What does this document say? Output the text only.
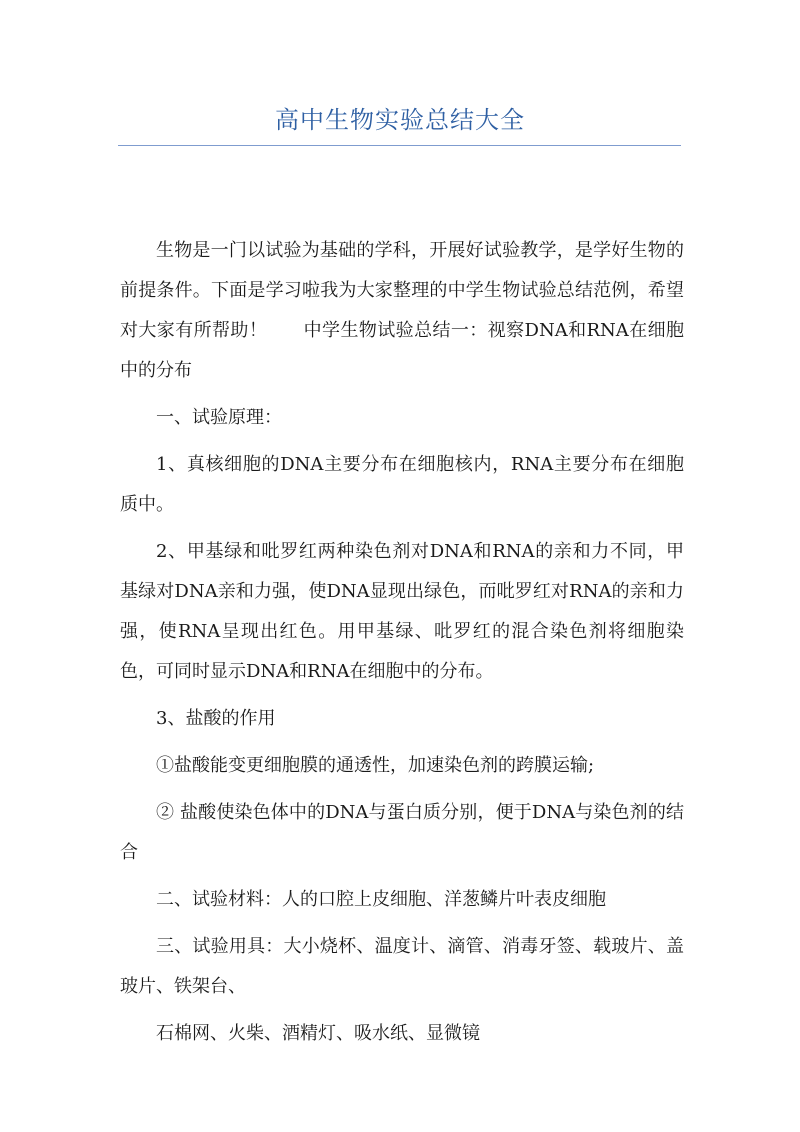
高中生物实验总结大全

生物是一门以试验为基础的学科，开展好试验教学，是学好生物的前提条件。下面是学习啦我为大家整理的中学生物试验总结范例，希望对大家有所帮助！ 中学生物试验总结一：视察DNA和RNA在细胞中的分布

一、试验原理：

1、真核细胞的DNA主要分布在细胞核内，RNA主要分布在细胞质中。

2、甲基绿和吡罗红两种染色剂对DNA和RNA的亲和力不同，甲基绿对DNA亲和力强，使DNA显现出绿色，而吡罗红对RNA的亲和力强，使RNA呈现出红色。用甲基绿、吡罗红的混合染色剂将细胞染色，可同时显示DNA和RNA在细胞中的分布。

3、盐酸的作用

①盐酸能变更细胞膜的通透性，加速染色剂的跨膜运输;

② 盐酸使染色体中的DNA与蛋白质分别，便于DNA与染色剂的结合

二、试验材料：人的口腔上皮细胞、洋葱鳞片叶表皮细胞

三、试验用具：大小烧杯、温度计、滴管、消毒牙签、载玻片、盖玻片、铁架台、

石棉网、火柴、酒精灯、吸水纸、显微镜
